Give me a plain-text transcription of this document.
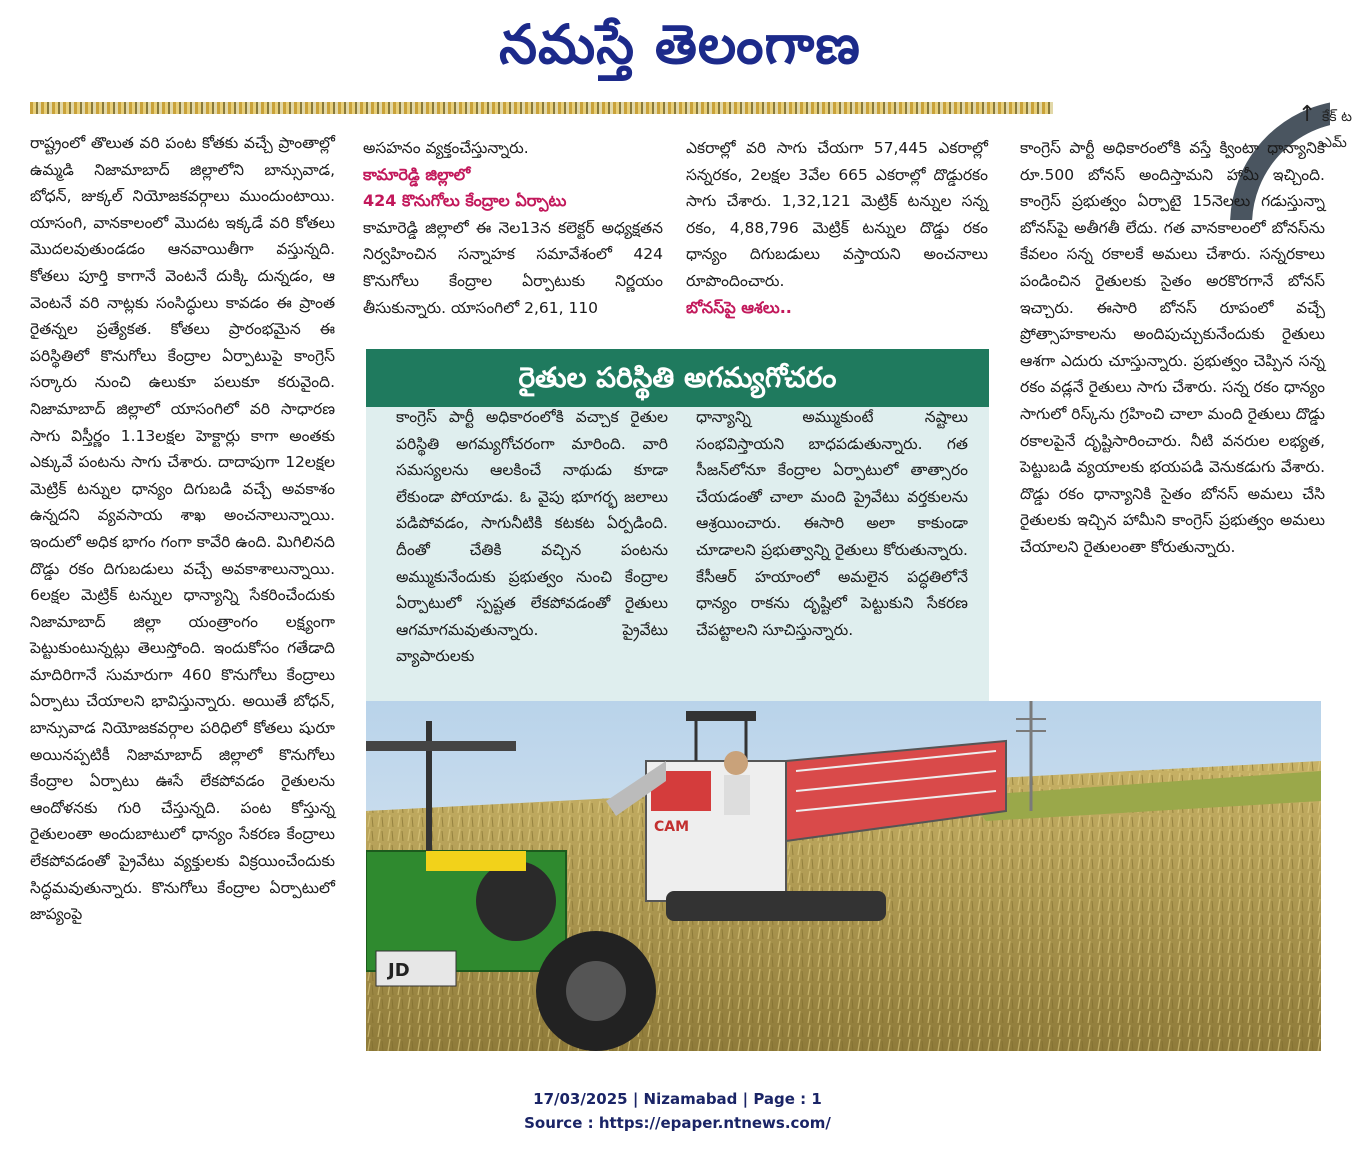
నమస్తే తెలంగాణ
↑ కేక్ ట
ఎమ్

రాష్ట్రంలో తొలుత వరి పంట కోతకు వచ్చే ప్రాంతాల్లో ఉమ్మడి నిజామాబాద్ జిల్లాలోని బాన్సువాడ, బోధన్, జుక్కల్ నియోజకవర్గాలు ముందుంటాయి. యాసంగి, వానకాలంలో మొదట ఇక్కడే వరి కోతలు మొదలవుతుండడం ఆనవాయితీగా వస్తున్నది. కోతలు పూర్తి కాగానే వెంటనే దుక్కి దున్నడం, ఆ వెంటనే వరి నాట్లకు సంసిద్ధులు కావడం ఈ ప్రాంత రైతన్నల ప్రత్యేకత. కోతలు ప్రారంభమైన ఈ పరిస్థితిలో కొనుగోలు కేంద్రాల ఏర్పాటుపై కాంగ్రెస్ సర్కారు నుంచి ఉలుకూ పలుకూ కరువైంది. నిజామాబాద్ జిల్లాలో యాసంగిలో వరి సాధారణ సాగు విస్తీర్ణం 1.13లక్షల హెక్టార్లు కాగా అంతకు ఎక్కువే పంటను సాగు చేశారు. దాదాపుగా 12లక్షల మెట్రిక్ టన్నుల ధాన్యం దిగుబడి వచ్చే అవకాశం ఉన్నదని వ్యవసాయ శాఖ అంచనాలున్నాయి. ఇందులో అధిక భాగం గంగా కావేరి ఉంది. మిగిలినది దొడ్డు రకం దిగుబడులు వచ్చే అవకాశాలున్నాయి. 6లక్షల మెట్రిక్ టన్నుల ధాన్యాన్ని సేకరించేందుకు నిజామాబాద్ జిల్లా యంత్రాంగం లక్ష్యంగా పెట్టుకుంటున్నట్లు తెలుస్తోంది. ఇందుకోసం గతేడాది మాదిరిగానే సుమారుగా 460 కొనుగోలు కేంద్రాలు ఏర్పాటు చేయాలని భావిస్తున్నారు. అయితే బోధన్, బాన్సువాడ నియోజకవర్గాల పరిధిలో కోతలు షురూ అయినప్పటికీ నిజామాబాద్ జిల్లాలో కొనుగోలు కేంద్రాల ఏర్పాటు ఊసే లేకపోవడం రైతులను ఆందోళనకు గురి చేస్తున్నది. పంట కోస్తున్న రైతులంతా అందుబాటులో ధాన్యం సేకరణ కేంద్రాలు లేకపోవడంతో ప్రైవేటు వ్యక్తులకు విక్రయించేందుకు సిద్ధమవుతున్నారు. కొనుగోలు కేంద్రాల ఏర్పాటులో జాప్యంపై

అసహనం వ్యక్తంచేస్తున్నారు.

కామారెడ్డి జిల్లాలో
424 కొనుగోలు కేంద్రాల ఏర్పాటు

కామారెడ్డి జిల్లాలో ఈ నెల13న కలెక్టర్ అధ్యక్షతన నిర్వహించిన సన్నాహక సమావేశంలో 424 కొనుగోలు కేంద్రాల ఏర్పాటుకు నిర్ణయం తీసుకున్నారు. యాసంగిలో 2,61, 110

ఎకరాల్లో వరి సాగు చేయగా 57,445 ఎకరాల్లో సన్నరకం, 2లక్షల 3వేల 665 ఎకరాల్లో దొడ్డురకం సాగు చేశారు. 1,32,121 మెట్రిక్ టన్నుల సన్న రకం, 4,88,796 మెట్రిక్ టన్నుల దొడ్డు రకం ధాన్యం దిగుబడులు వస్తాయని అంచనాలు రూపొందించారు.

బోనస్‌పై ఆశలు..

కాంగ్రెస్ పార్టీ అధికారంలోకి వస్తే క్వింటా ధాన్యానికి రూ.500 బోనస్ అందిస్తామని హామీ ఇచ్చింది. కాంగ్రెస్ ప్రభుత్వం ఏర్పాటై 15నెలలు గడుస్తున్నా బోనస్‌పై అతీగతీ లేదు. గత వానకాలంలో బోనస్‌ను కేవలం సన్న రకాలకే అమలు చేశారు. సన్నరకాలు పండించిన రైతులకు సైతం అరకొరగానే బోనస్ ఇచ్చారు. ఈసారి బోనస్ రూపంలో వచ్చే ప్రోత్సాహకాలను అందిపుచ్చుకునేందుకు రైతులు ఆశగా ఎదురు చూస్తున్నారు. ప్రభుత్వం చెప్పిన సన్న రకం వడ్లనే రైతులు సాగు చేశారు. సన్న రకం ధాన్యం సాగులో రిస్క్‌ను గ్రహించి చాలా మంది రైతులు దొడ్డు రకాలపైనే దృష్టిసారించారు. నీటి వనరుల లభ్యత, పెట్టుబడి వ్యయాలకు భయపడి వెనుకడుగు వేశారు. దొడ్డు రకం ధాన్యానికి సైతం బోనస్ అమలు చేసి రైతులకు ఇచ్చిన హామీని కాంగ్రెస్ ప్రభుత్వం అమలు చేయాలని రైతులంతా కోరుతున్నారు.

రైతుల పరిస్థితి అగమ్యగోచరం
కాంగ్రెస్ పార్టీ అధికారంలోకి వచ్చాక రైతుల పరిస్థితి అగమ్యగోచరంగా మారింది. వారి సమస్యలను ఆలకించే నాథుడు కూడా లేకుండా పోయాడు. ఓ వైపు భూగర్భ జలాలు పడిపోవడం, సాగునీటికి కటకట ఏర్పడింది. దీంతో చేతికి వచ్చిన పంటను అమ్ముకునేందుకు ప్రభుత్వం నుంచి కేంద్రాల ఏర్పాటులో స్పష్టత లేకపోవడంతో రైతులు ఆగమాగమవుతున్నారు. ప్రైవేటు వ్యాపారులకు
ధాన్యాన్ని అమ్ముకుంటే నష్టాలు సంభవిస్తాయని బాధపడుతున్నారు. గత సీజన్‌లోనూ కేంద్రాల ఏర్పాటులో తాత్సారం చేయడంతో చాలా మంది ప్రైవేటు వర్తకులను ఆశ్రయించారు. ఈసారి అలా కాకుండా చూడాలని ప్రభుత్వాన్ని రైతులు కోరుతున్నారు. కేసీఆర్ హయాంలో అమలైన పద్ధతిలోనే ధాన్యం రాకను దృష్టిలో పెట్టుకుని సేకరణ చేపట్టాలని సూచిస్తున్నారు.
CAM
JD
17/03/2025 | Nizamabad | Page : 1
Source : https://epaper.ntnews.com/
